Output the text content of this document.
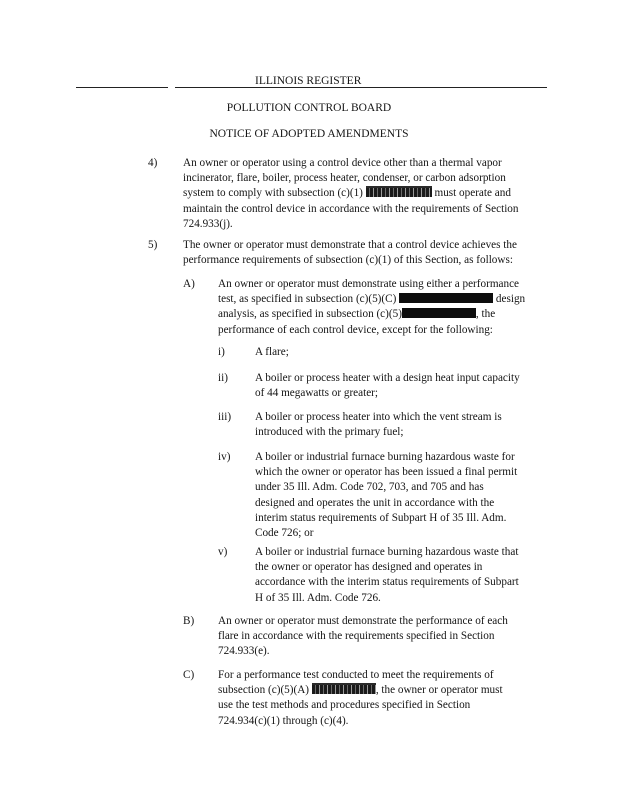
ILLINOIS REGISTER
POLLUTION CONTROL BOARD
NOTICE OF ADOPTED AMENDMENTS
4) An owner or operator using a control device other than a thermal vapor
incinerator, flare, boiler, process heater, condenser, or carbon adsorption
system to comply with subsection (c)(1)	must operate and
maintain the control device in accordance with the requirements of Section
724.933(j).
5) The owner or operator must demonstrate that a control device achieves the
performance requirements of subsection (c)(1) of this Section, as follows:
A) An owner or operator must demonstrate using either a performance
test, as specified in subsection (c)(5)(C)	design
analysis, as specified in subsection (c)(5)	, the
performance of each control device, except for the following:
i)	A flare;
ii) A boiler or process heater with a design heat input capacity
of 44 megawatts or greater;
iii) A boiler or process heater into which the vent stream is
introduced with the primary fuel;
iv) A boiler or industrial furnace burning hazardous waste for
which the owner or operator has been issued a final permit
under 35 Ill. Adm. Code 702, 703, and 705 and has
designed and operates the unit in accordance with the
interim status requirements of Subpart H of 35 Ill. Adm.
Code 726; or
v) A boiler or industrial furnace burning hazardous waste that
the owner or operator has designed and operates in
accordance with the interim status requirements of Subpart
H of 35 Ill. Adm. Code 726.
B) An owner or operator must demonstrate the performance of each
flare in accordance with the requirements specified in Section
724.933(e).
C) For a performance test conducted to meet the requirements of
subsection (c)(5)(A)	, the owner or operator must
use the test methods and procedures specified in Section
724.934(c)(1) through (c)(4).
